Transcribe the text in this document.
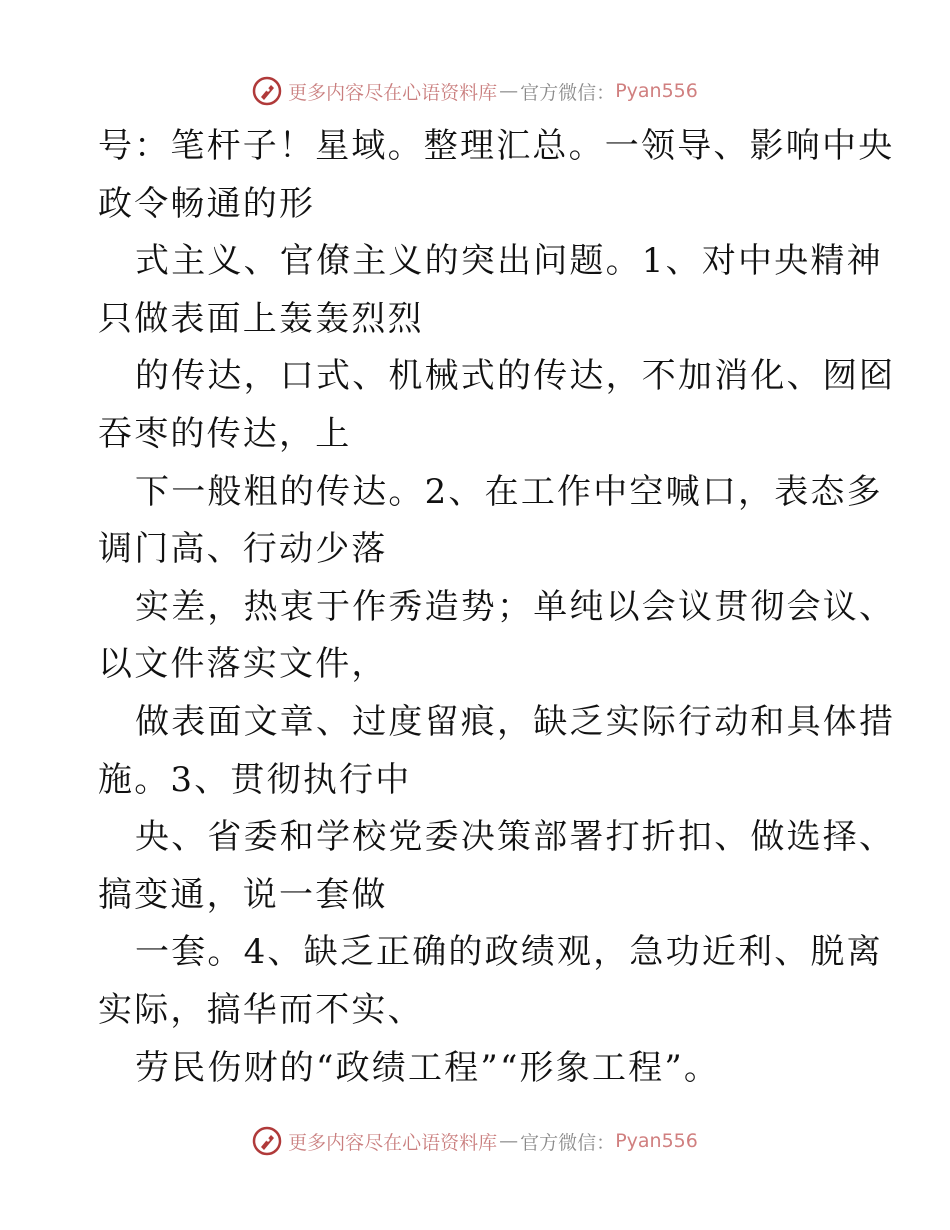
更多内容尽在心语资料库 — 官方微信： Pyan556
号：笔杆子！星域。整理汇总。一领导、影响中央
政令畅通的形
式主义、官僚主义的突出问题。1、对中央精神
只做表面上轰轰烈烈
的传达，口式、机械式的传达，不加消化、囫囵
吞枣的传达，上
下一般粗的传达。2、在工作中空喊口，表态多
调门高、行动少落
实差，热衷于作秀造势；单纯以会议贯彻会议、
以文件落实文件，
做表面文章、过度留痕，缺乏实际行动和具体措
施。3、贯彻执行中
央、省委和学校党委决策部署打折扣、做选择、
搞变通，说一套做
一套。4、缺乏正确的政绩观，急功近利、脱离
实际，搞华而不实、
劳民伤财的“政绩工程”“形象工程”。
更多内容尽在心语资料库 — 官方微信： Pyan556
